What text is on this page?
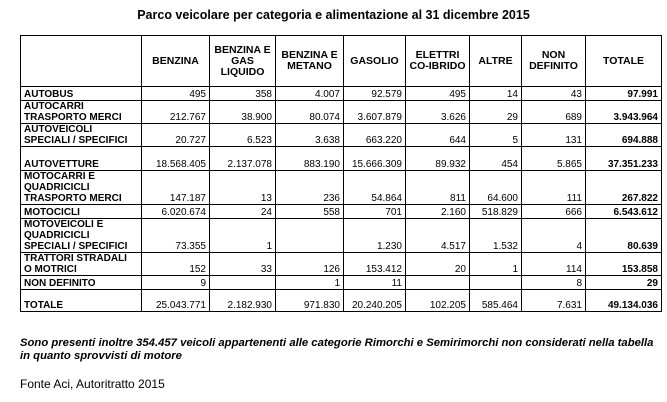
Parco veicolare per categoria e alimentazione al 31 dicembre 2015
	BENZINA	BENZINA E GAS LIQUIDO	BENZINA E METANO	GASOLIO	ELETTRI CO-IBRIDO	ALTRE	NON DEFINITO	TOTALE
AUTOBUS	495	358	4.007	92.579	495	14	43	97.991
AUTOCARRI
TRASPORTO MERCI	212.767	38.900	80.074	3.607.879	3.626	29	689	3.943.964
AUTOVEICOLI
SPECIALI / SPECIFICI	20.727	6.523	3.638	663.220	644	5	131	694.888
AUTOVETTURE	18.568.405	2.137.078	883.190	15.666.309	89.932	454	5.865	37.351.233
MOTOCARRI E
QUADRICICLI
TRASPORTO MERCI	147.187	13	236	54.864	811	64.600	111	267.822
MOTOCICLI	6.020.674	24	558	701	2.160	518.829	666	6.543.612
MOTOVEICOLI E
QUADRICICLI
SPECIALI / SPECIFICI	73.355	1		1.230	4.517	1.532	4	80.639
TRATTORI STRADALI
O MOTRICI	152	33	126	153.412	20	1	114	153.858
NON DEFINITO	9		1	11			8	29
TOTALE	25.043.771	2.182.930	971.830	20.240.205	102.205	585.464	7.631	49.134.036
Sono presenti inoltre 354.457 veicoli appartenenti alle categorie Rimorchi e Semirimorchi non considerati nella tabella in quanto sprovvisti di motore
Fonte Aci, Autoritratto 2015
